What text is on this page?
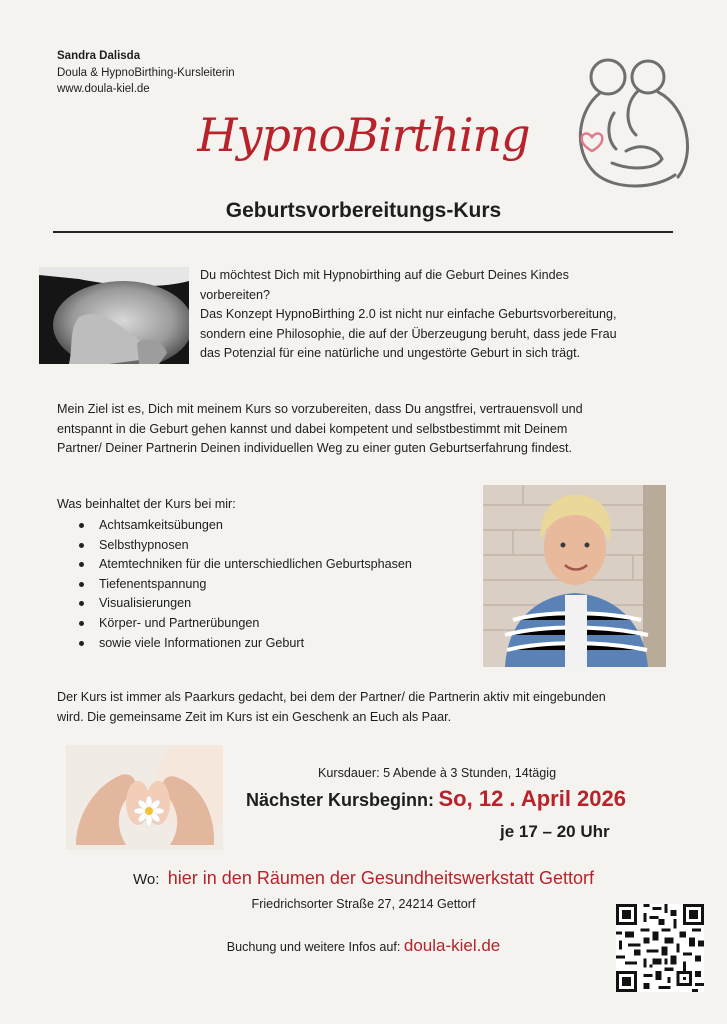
Sandra Dalisda
Doula & HypnoBirthing-Kursleiterin
www.doula-kiel.de
HypnoBirthing
Geburtsvorbereitungs-Kurs
Du möchtest Dich mit Hypnobirthing auf die Geburt Deines Kindes
vorbereiten?
Das Konzept HypnoBirthing 2.0 ist nicht nur einfache Geburtsvorbereitung,
sondern eine Philosophie, die auf der Überzeugung beruht, dass jede Frau
das Potenzial für eine natürliche und ungestörte Geburt in sich trägt.
Mein Ziel ist es, Dich mit meinem Kurs so vorzubereiten, dass Du angstfrei, vertrauensvoll und
entspannt in die Geburt gehen kannst und dabei kompetent und selbstbestimmt mit Deinem
Partner/ Deiner Partnerin Deinen individuellen Weg zu einer guten Geburtserfahrung findest.
Was beinhaltet der Kurs bei mir:
Achtsamkeitsübungen
Selbsthypnosen
Atemtechniken für die unterschiedlichen Geburtsphasen
Tiefenentspannung
Visualisierungen
Körper- und Partnerübungen
sowie viele Informationen zur Geburt
Der Kurs ist immer als Paarkurs gedacht, bei dem der Partner/ die Partnerin aktiv mit eingebunden
wird. Die gemeinsame Zeit im Kurs ist ein Geschenk an Euch als Paar.
Kursdauer: 5 Abende à 3 Stunden, 14tägig
Nächster Kursbeginn: So, 12 . April 2026
je 17 – 20 Uhr
Wo: hier in den Räumen der Gesundheitswerkstatt Gettorf
Friedrichsorter Straße 27, 24214 Gettorf
Buchung und weitere Infos auf: doula-kiel.de
